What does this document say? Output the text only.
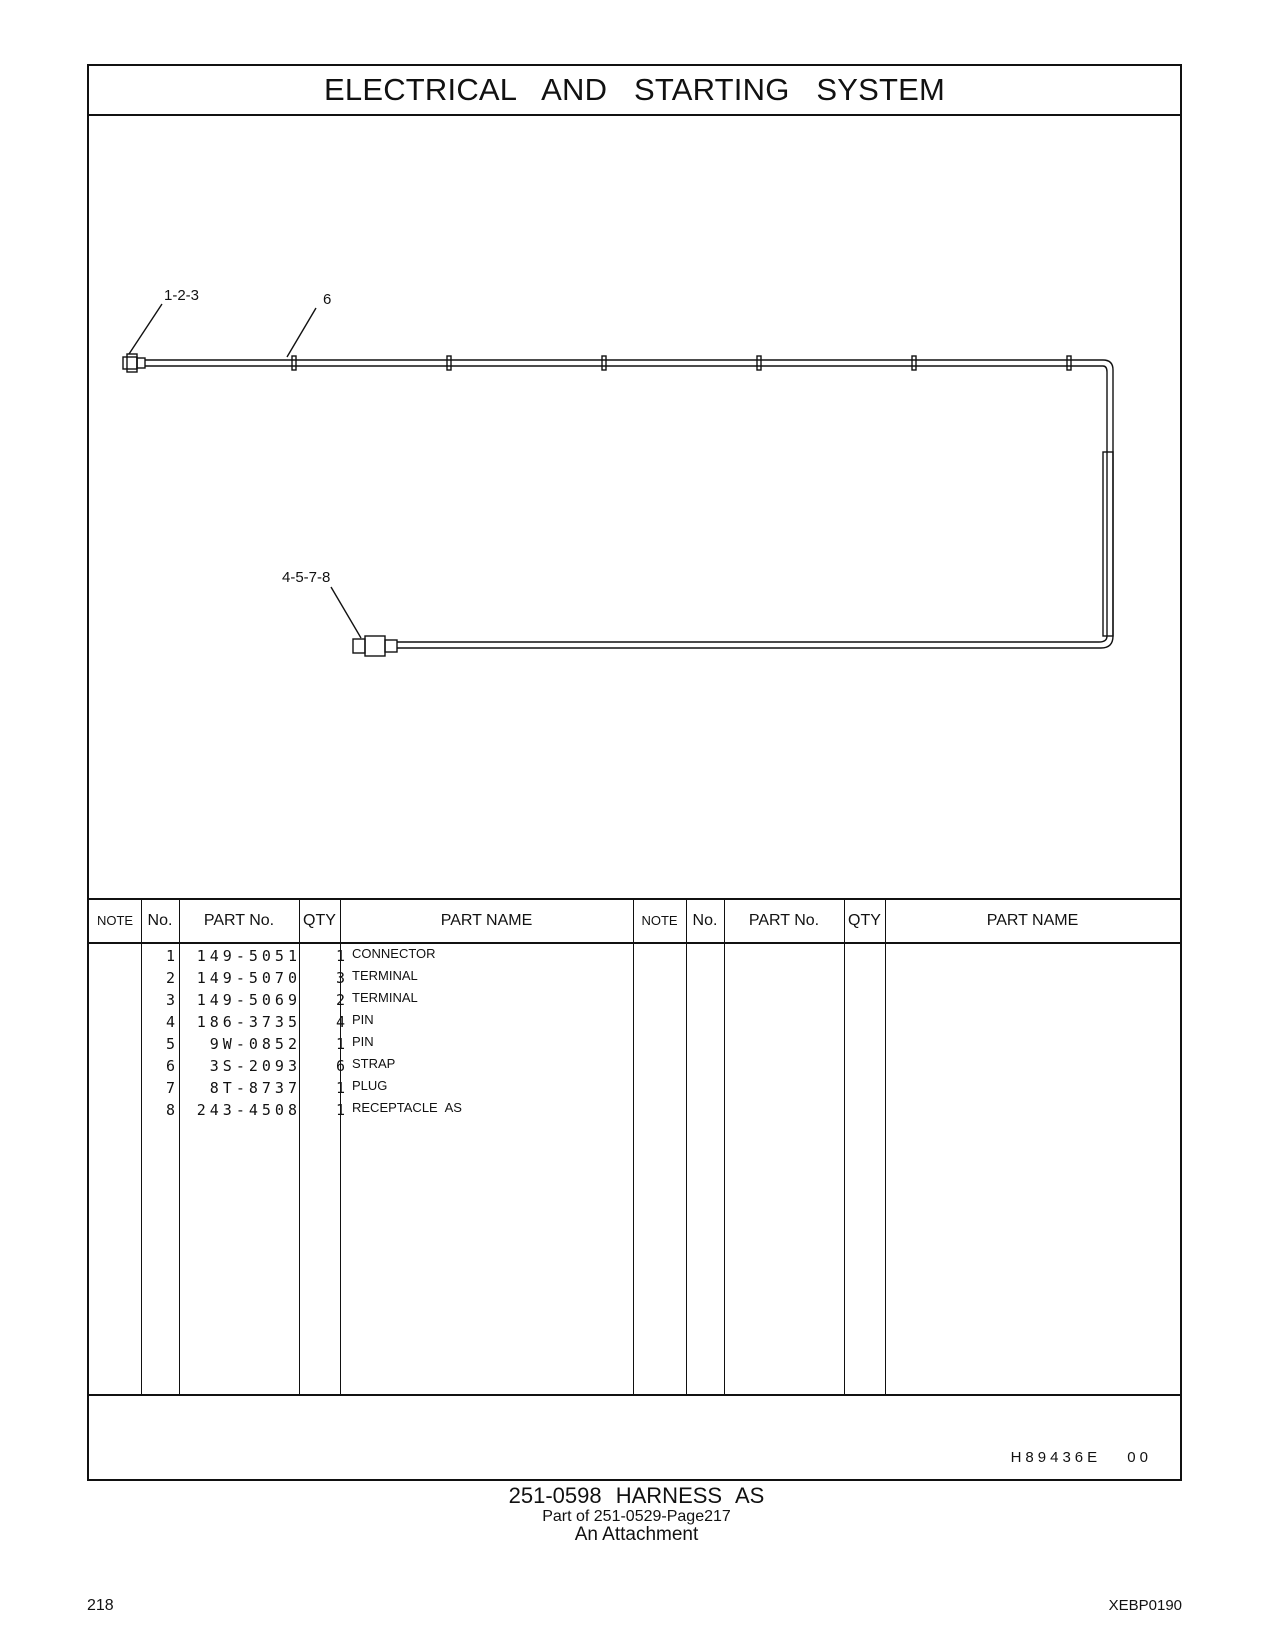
ELECTRICAL AND STARTING SYSTEM
1-2-3	6
4-5-7-8
NOTE No.	PART No.	QTY	PART NAME	NOTE No.	PART No.	QTY	PART NAME
1	149-5051	1 CONNECTOR
2	149-5070	3 TERMINAL
3	149-5069	2 TERMINAL
4	186-3735	4 PIN
5	9W-0852	1 PIN
6	3S-2093	6 STRAP
7	8T-8737	1 PLUG
8	243-4508	1 RECEPTACLE AS
H89436E 00
251-0598 HARNESS AS
Part of 251-0529-Page217
An Attachment
218	XEBP0190
